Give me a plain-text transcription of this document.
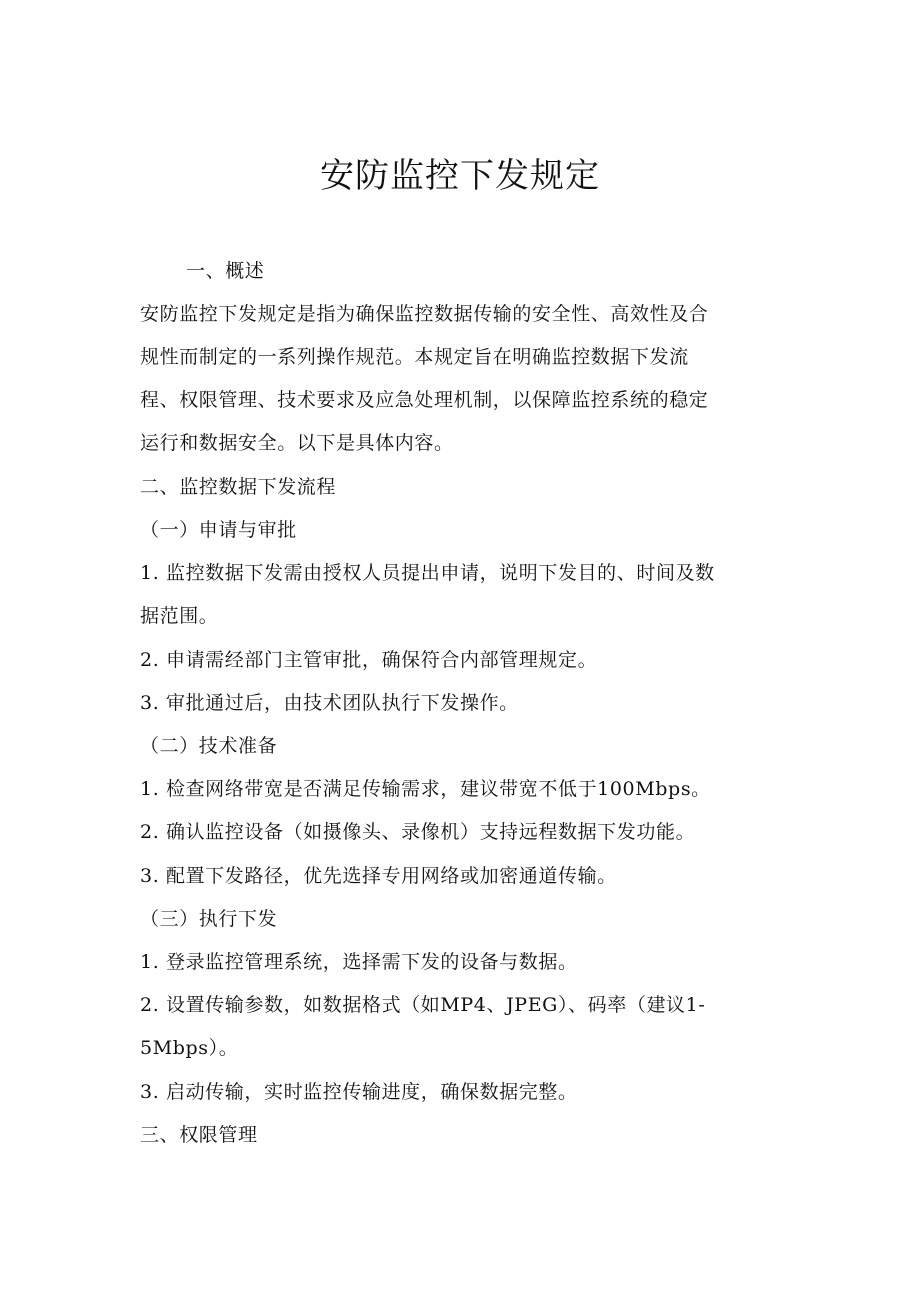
安防监控下发规定
一、概述
安防监控下发规定是指为确保监控数据传输的安全性、高效性及合
规性而制定的一系列操作规范。本规定旨在明确监控数据下发流
程、权限管理、技术要求及应急处理机制，以保障监控系统的稳定
运行和数据安全。以下是具体内容。
二、监控数据下发流程
（一）申请与审批
1. 监控数据下发需由授权人员提出申请，说明下发目的、时间及数
据范围。
2. 申请需经部门主管审批，确保符合内部管理规定。
3. 审批通过后，由技术团队执行下发操作。
（二）技术准备
1. 检查网络带宽是否满足传输需求，建议带宽不低于100Mbps。
2. 确认监控设备（如摄像头、录像机）支持远程数据下发功能。
3. 配置下发路径，优先选择专用网络或加密通道传输。
（三）执行下发
1. 登录监控管理系统，选择需下发的设备与数据。
2. 设置传输参数，如数据格式（如MP4、JPEG）、码率（建议1-
5Mbps）。
3. 启动传输，实时监控传输进度，确保数据完整。
三、权限管理
